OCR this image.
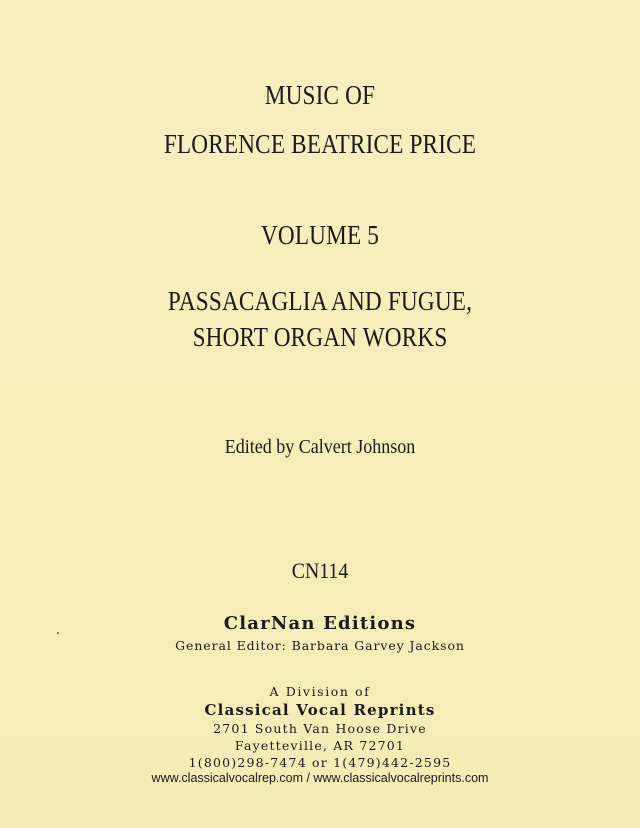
MUSIC OF
FLORENCE BEATRICE PRICE
VOLUME 5
PASSACAGLIA AND FUGUE,
SHORT ORGAN WORKS
Edited by Calvert Johnson
CN114
ClarNan Editions
General Editor: Barbara Garvey Jackson
A Division of
Classical Vocal Reprints
2701 South Van Hoose Drive
Fayetteville, AR 72701
1(800)298-7474 or 1(479)442-2595
www.classicalvocalrep.com / www.classicalvocalreprints.com
